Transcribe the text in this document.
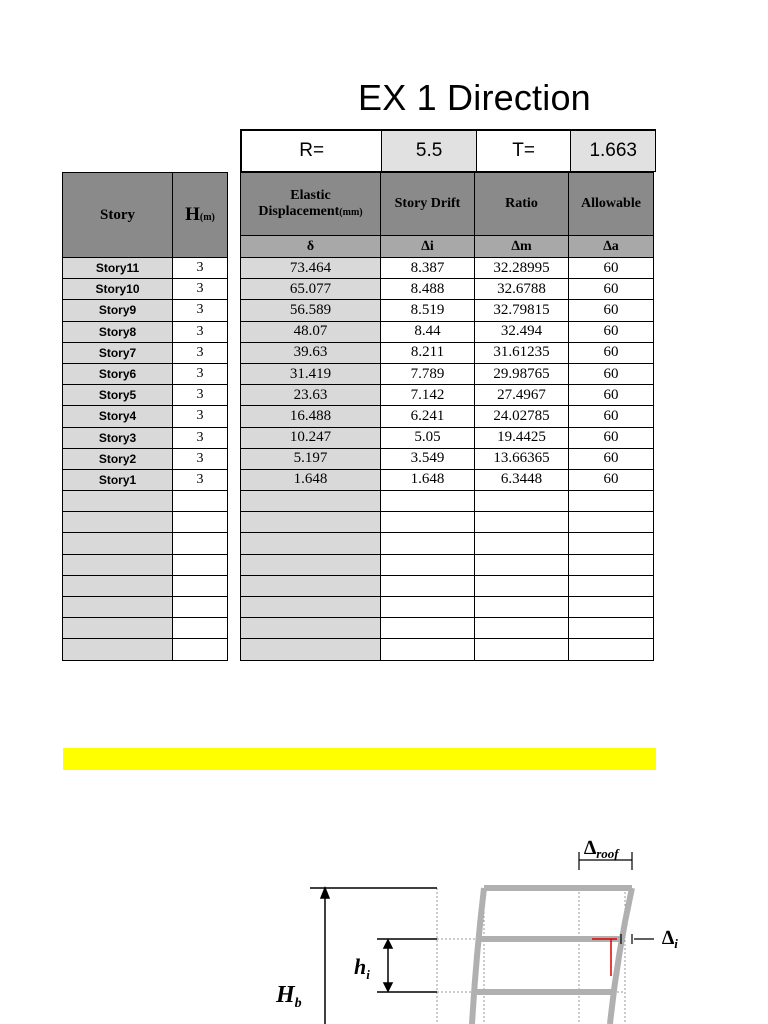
EX 1 Direction
R=	5.5	T=	1.663
Story	H(m)
Story11	3
Story10	3
Story9	3
Story8	3
Story7	3
Story6	3
Story5	3
Story4	3
Story3	3
Story2	3
Story1	3

Elastic
Displacement(mm)	Story Drift	Ratio	Allowable
δ	∆i	∆m	∆a
73.464	8.387	32.28995	60
65.077	8.488	32.6788	60
56.589	8.519	32.79815	60
48.07	8.44	32.494	60
39.63	8.211	31.61235	60
31.419	7.789	29.98765	60
23.63	7.142	27.4967	60
16.488	6.241	24.02785	60
10.247	5.05	19.4425	60
5.197	3.549	13.66365	60
1.648	1.648	6.3448	60

$H_b$
$h_i$
$\Delta_{roof}$
$\Delta_i$
